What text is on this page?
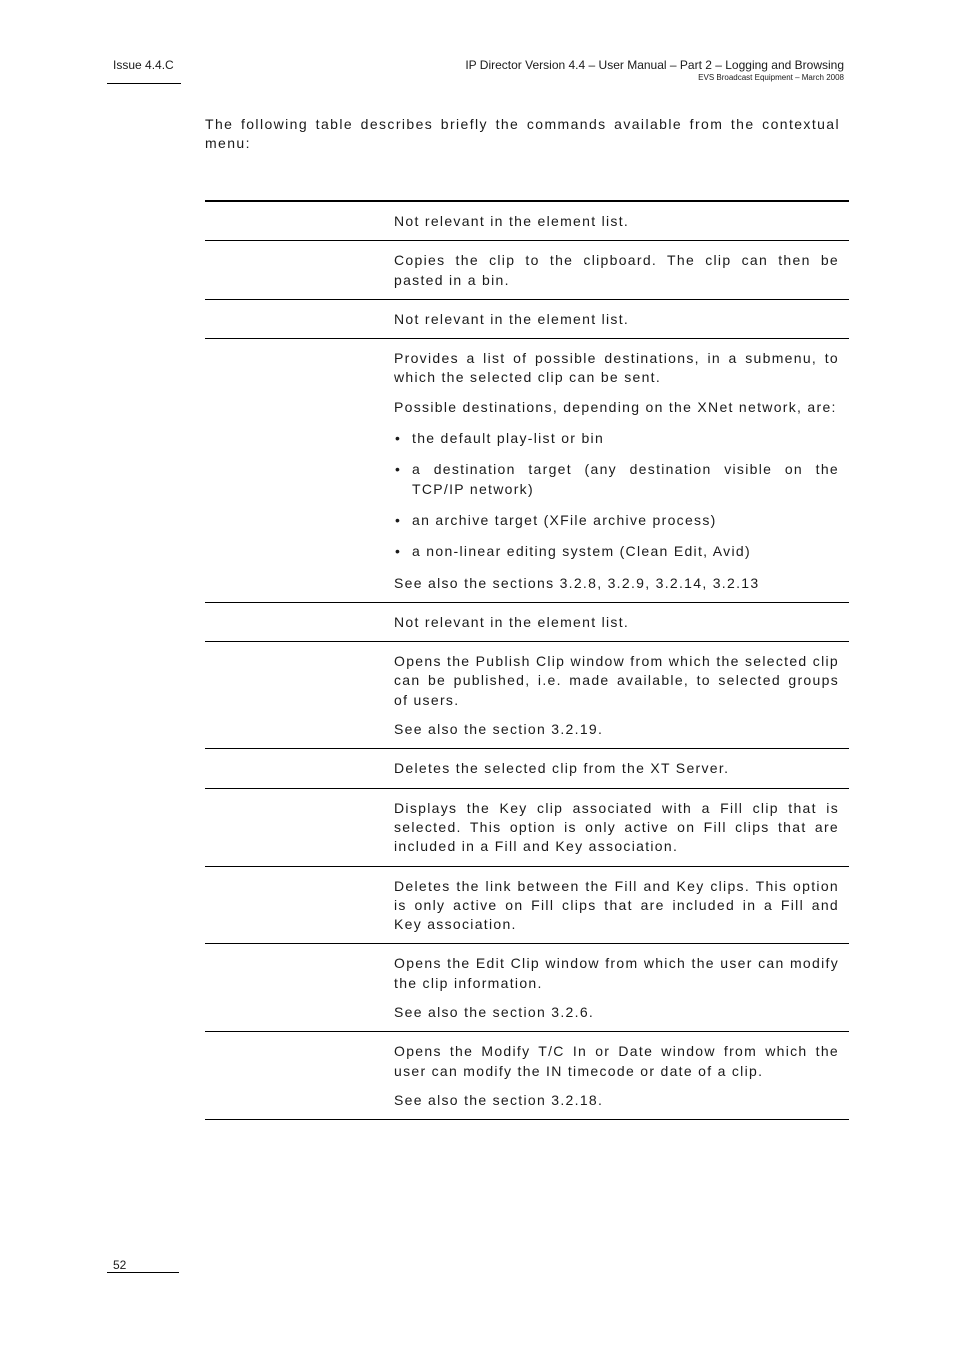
Issue 4.4.C	IP Director Version 4.4 – User Manual – Part 2 – Logging and Browsing
EVS Broadcast Equipment – March 2008
The following table describes briefly the commands available from the contextual menu:

Not relevant in the element list.

Copies the clip to the clipboard. The clip can then be pasted in a bin.

Not relevant in the element list.

Provides a list of possible destinations, in a submenu, to which the selected clip can be sent.

Possible destinations, depending on the XNet network, are:

• the default play-list or bin
• a destination target (any destination visible on the TCP/IP network)
• an archive target (XFile archive process)
• a non-linear editing system (Clean Edit, Avid)

See also the sections 3.2.8, 3.2.9, 3.2.14, 3.2.13

Not relevant in the element list.

Opens the Publish Clip window from which the selected clip can be published, i.e. made available, to selected groups of users.

See also the section 3.2.19.

Deletes the selected clip from the XT Server.

Displays the Key clip associated with a Fill clip that is selected. This option is only active on Fill clips that are included in a Fill and Key association.

Deletes the link between the Fill and Key clips. This option is only active on Fill clips that are included in a Fill and Key association.

Opens the Edit Clip window from which the user can modify the clip information.

See also the section 3.2.6.

Opens the Modify T/C In or Date window from which the user can modify the IN timecode or date of a clip.

See also the section 3.2.18.

52
